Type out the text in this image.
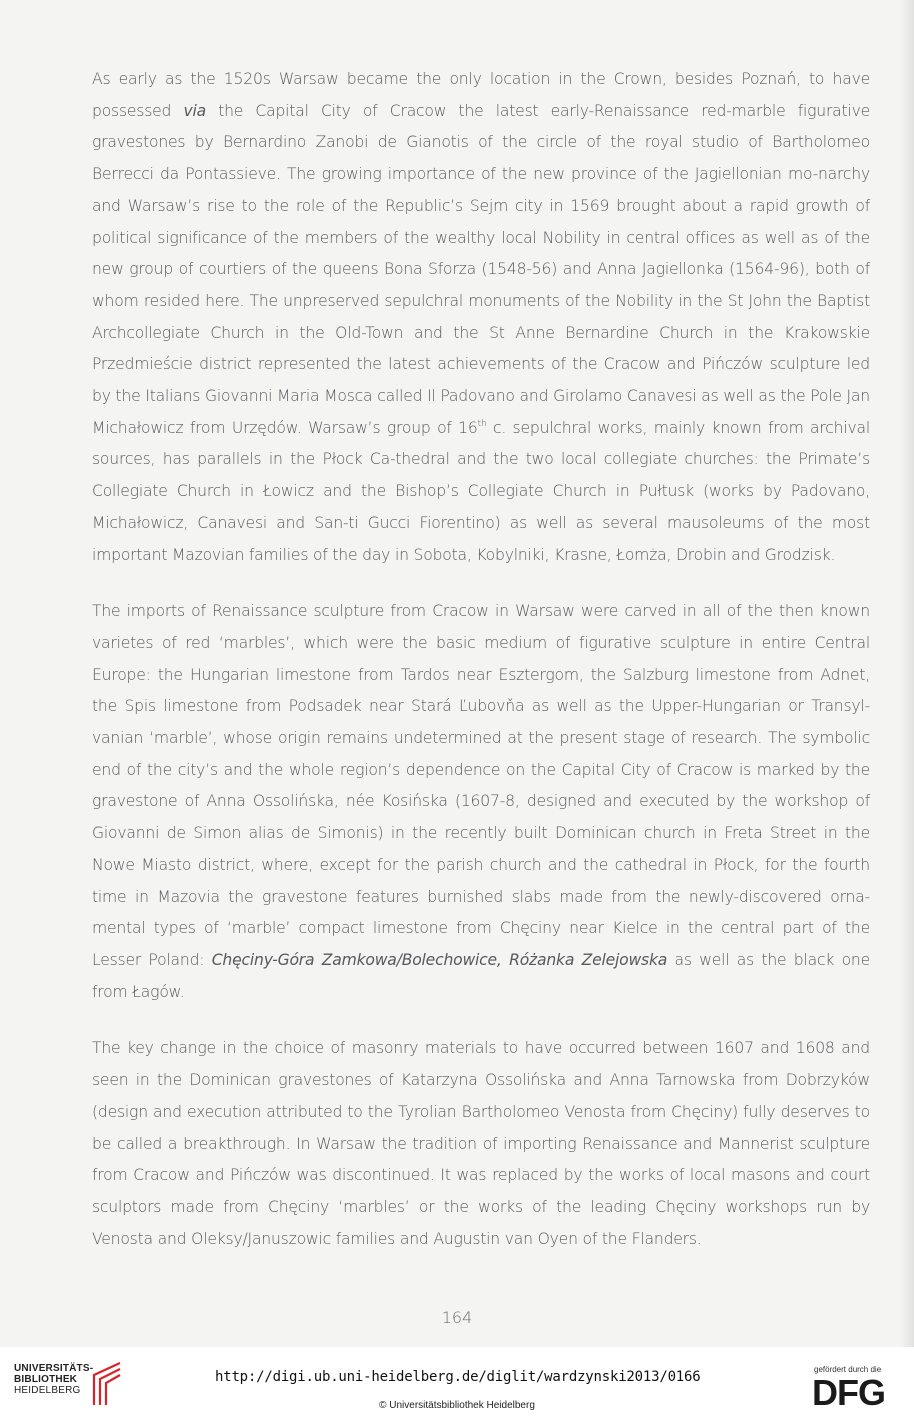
As early as the 1520s Warsaw became the only location in the Crown, besides Poznań, to have possessed via the Capital City of Cracow the latest early-Renaissance red-marble figurative gravestones by Bernardino Zanobi de Gianotis of the circle of the royal studio of Bartholomeo Berrecci da Pontassieve. The growing importance of the new province of the Jagiellonian mo-narchy and Warsaw’s rise to the role of the Republic’s Sejm city in 1569 brought about a rapid growth of political significance of the members of the wealthy local Nobility in central offices as well as of the new group of courtiers of the queens Bona Sforza (1548-56) and Anna Jagiellonka (1564-96), both of whom resided here. The unpreserved sepulchral monuments of the Nobility in the St John the Baptist Archcollegiate Church in the Old-Town and the St Anne Bernardine Church in the Krakowskie Przedmieście district represented the latest achievements of the Cracow and Pińczów sculpture led by the Italians Giovanni Maria Mosca called Il Padovano and Girolamo Canavesi as well as the Pole Jan Michałowicz from Urzędów. Warsaw’s group of 16th c. sepulchral works, mainly known from archival sources, has parallels in the Płock Ca-thedral and the two local collegiate churches: the Primate’s Collegiate Church in Łowicz and the Bishop’s Collegiate Church in Pułtusk (works by Padovano, Michałowicz, Canavesi and San-ti Gucci Fiorentino) as well as several mausoleums of the most important Mazovian families of the day in Sobota, Kobylniki, Krasne, Łomża, Drobin and Grodzisk.

The imports of Renaissance sculpture from Cracow in Warsaw were carved in all of the then known varietes of red ‘marbles’, which were the basic medium of figurative sculpture in entire Central Europe: the Hungarian limestone from Tardos near Esztergom, the Salzburg limestone from Adnet, the Spis limestone from Podsadek near Stará Ľubovňa as well as the Upper-Hungarian or Transyl-vanian ‘marble’, whose origin remains undetermined at the present stage of research. The symbolic end of the city’s and the whole region’s dependence on the Capital City of Cracow is marked by the gravestone of Anna Ossolińska, née Kosińska (1607-8, designed and executed by the workshop of Giovanni de Simon alias de Simonis) in the recently built Dominican church in Freta Street in the Nowe Miasto district, where, except for the parish church and the cathedral in Płock, for the fourth time in Mazovia the gravestone features burnished slabs made from the newly-discovered orna-mental types of ‘marble’ compact limestone from Chęciny near Kielce in the central part of the Lesser Poland: Chęciny-Góra Zamkowa/Bolechowice, Różanka Zelejowska as well as the black one from Łagów.

The key change in the choice of masonry materials to have occurred between 1607 and 1608 and seen in the Dominican gravestones of Katarzyna Ossolińska and Anna Tarnowska from Dobrzyków (design and execution attributed to the Tyrolian Bartholomeo Venosta from Chęciny) fully deserves to be called a breakthrough. In Warsaw the tradition of importing Renaissance and Mannerist sculpture from Cracow and Pińczów was discontinued. It was replaced by the works of local masons and court sculptors made from Chęciny ‘marbles’ or the works of the leading Chęciny workshops run by Venosta and Oleksy/Januszowic families and Augustin van Oyen of the Flanders.

164
UNIVERSITÄTS-
BIBLIOTHEK
HEIDELBERG
http://digi.ub.uni-heidelberg.de/diglit/wardzynski2013/0166
© Universitätsbibliothek Heidelberg
gefördert durch die
DFG
